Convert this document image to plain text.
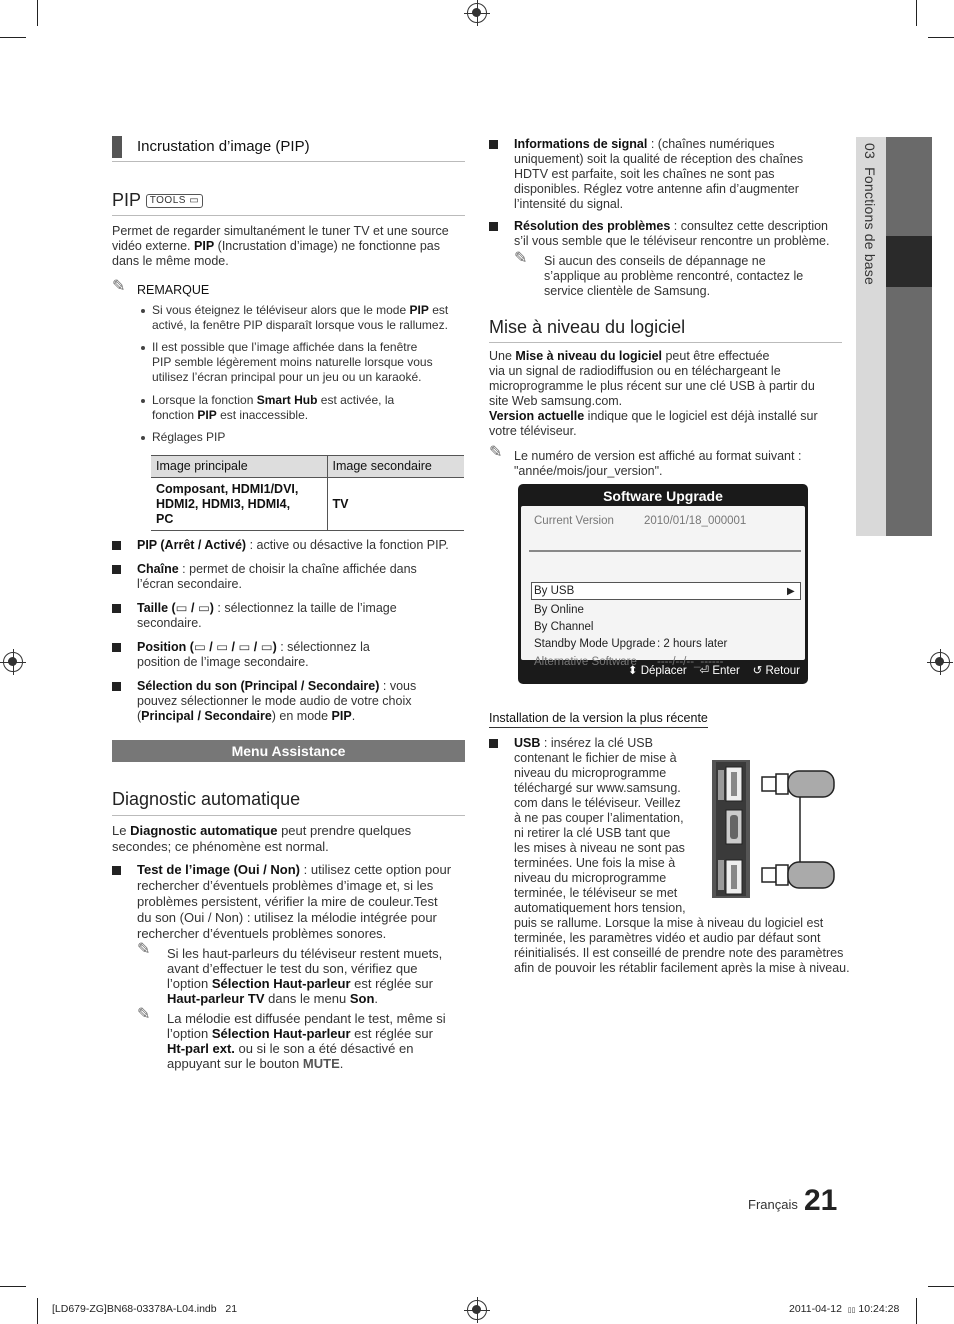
03  Fonctions de base
Incrustation d’image (PIP)
PIP TOOLS ▭

Permet de regarder simultanément le tuner TV et une source

vidéo externe. PIP (Incrustation d’image) ne fonctionne pas

dans le même mode.

✎ REMARQUE

Si vous éteignez le téléviseur alors que le mode PIP est

activé, la fenêtre PIP disparaît lorsque vous le rallumez.

Il est possible que l’image affichée dans la fenêtre

PIP semble légèrement moins naturelle lorsque vous

utilisez l’écran principal pour un jeu ou un karaoké.

Lorsque la fonction Smart Hub est activée, la

fonction PIP est inaccessible.

Réglages PIP
Image principale	Image secondaire
Composant, HDMI1/DVI,
HDMI2, HDMI3, HDMI4,
PC	TV

PIP (Arrêt / Activé) : active ou désactive la fonction PIP.

Chaîne : permet de choisir la chaîne affichée dans

l’écran secondaire.

Taille (▭ / ▭) : sélectionnez la taille de l’image

secondaire.

Position (▭ / ▭ / ▭ / ▭) : sélectionnez la

position de l’image secondaire.

Sélection du son (Principal / Secondaire) : vous

pouvez sélectionner le mode audio de votre choix

(Principal / Secondaire) en mode PIP.

Menu Assistance
Diagnostic automatique

Le Diagnostic automatique peut prendre quelques

secondes; ce phénomène est normal.

Test de l’image (Oui / Non) : utilisez cette option pour

rechercher d’éventuels problèmes d’image et, si les

problèmes persistent, vérifier la mire de couleur.Test

du son (Oui / Non) : utilisez la mélodie intégrée pour

rechercher d’éventuels problèmes sonores.

✎ Si les haut-parleurs du téléviseur restent muets,

avant d’effectuer le test du son, vérifiez que

l’option Sélection Haut-parleur est réglée sur

Haut-parleur TV dans le menu Son.

✎ La mélodie est diffusée pendant le test, même si

l’option Sélection Haut-parleur est réglée sur

Ht-parl ext. ou si le son a été désactivé en

appuyant sur le bouton MUTE.

Informations de signal : (chaînes numériques

uniquement) soit la qualité de réception des chaînes

HDTV est parfaite, soit les chaînes ne sont pas

disponibles. Réglez votre antenne afin d’augmenter

l’intensité du signal.

Résolution des problèmes : consultez cette description

s’il vous semble que le téléviseur rencontre un problème.

✎ Si aucun des conseils de dépannage ne

s’applique au problème rencontré, contactez le

service clientèle de Samsung.

Mise à niveau du logiciel

Une Mise à niveau du logiciel peut être effectuée

via un signal de radiodiffusion ou en téléchargeant le

microprogramme le plus récent sur une clé USB à partir du

site Web samsung.com.

Version actuelle indique que le logiciel est déjà installé sur

votre téléviseur.

✎ Le numéro de version est affiché au format suivant :

"année/mois/jour_version".

Software Upgrade
Current Version	2010/01/18_000001
By USB	▶
By Online
By Channel
Standby Mode Upgrade : 2 hours later
Alternative Software ----/--/--_------
⬍ Déplacer ⏎ Enter ↺ Retour
Installation de la version la plus récente

USB : insérez la clé USB

contenant le fichier de mise à

niveau du microprogramme

téléchargé sur www.samsung.

com dans le téléviseur. Veillez

à ne pas couper l’alimentation,

ni retirer la clé USB tant que

les mises à niveau ne sont pas

terminées. Une fois la mise à

niveau du microprogramme

terminée, le téléviseur se met

automatiquement hors tension,

puis se rallume. Lorsque la mise à niveau du logiciel est

terminée, les paramètres vidéo et audio par défaut sont

réinitialisés. Il est conseillé de prendre note des paramètres

afin de pouvoir les rétablir facilement après la mise à niveau.

Français 21
[LD679-ZG]BN68-03378A-L04.indb   21	2011-04-12 ▯▯ 10:24:28
